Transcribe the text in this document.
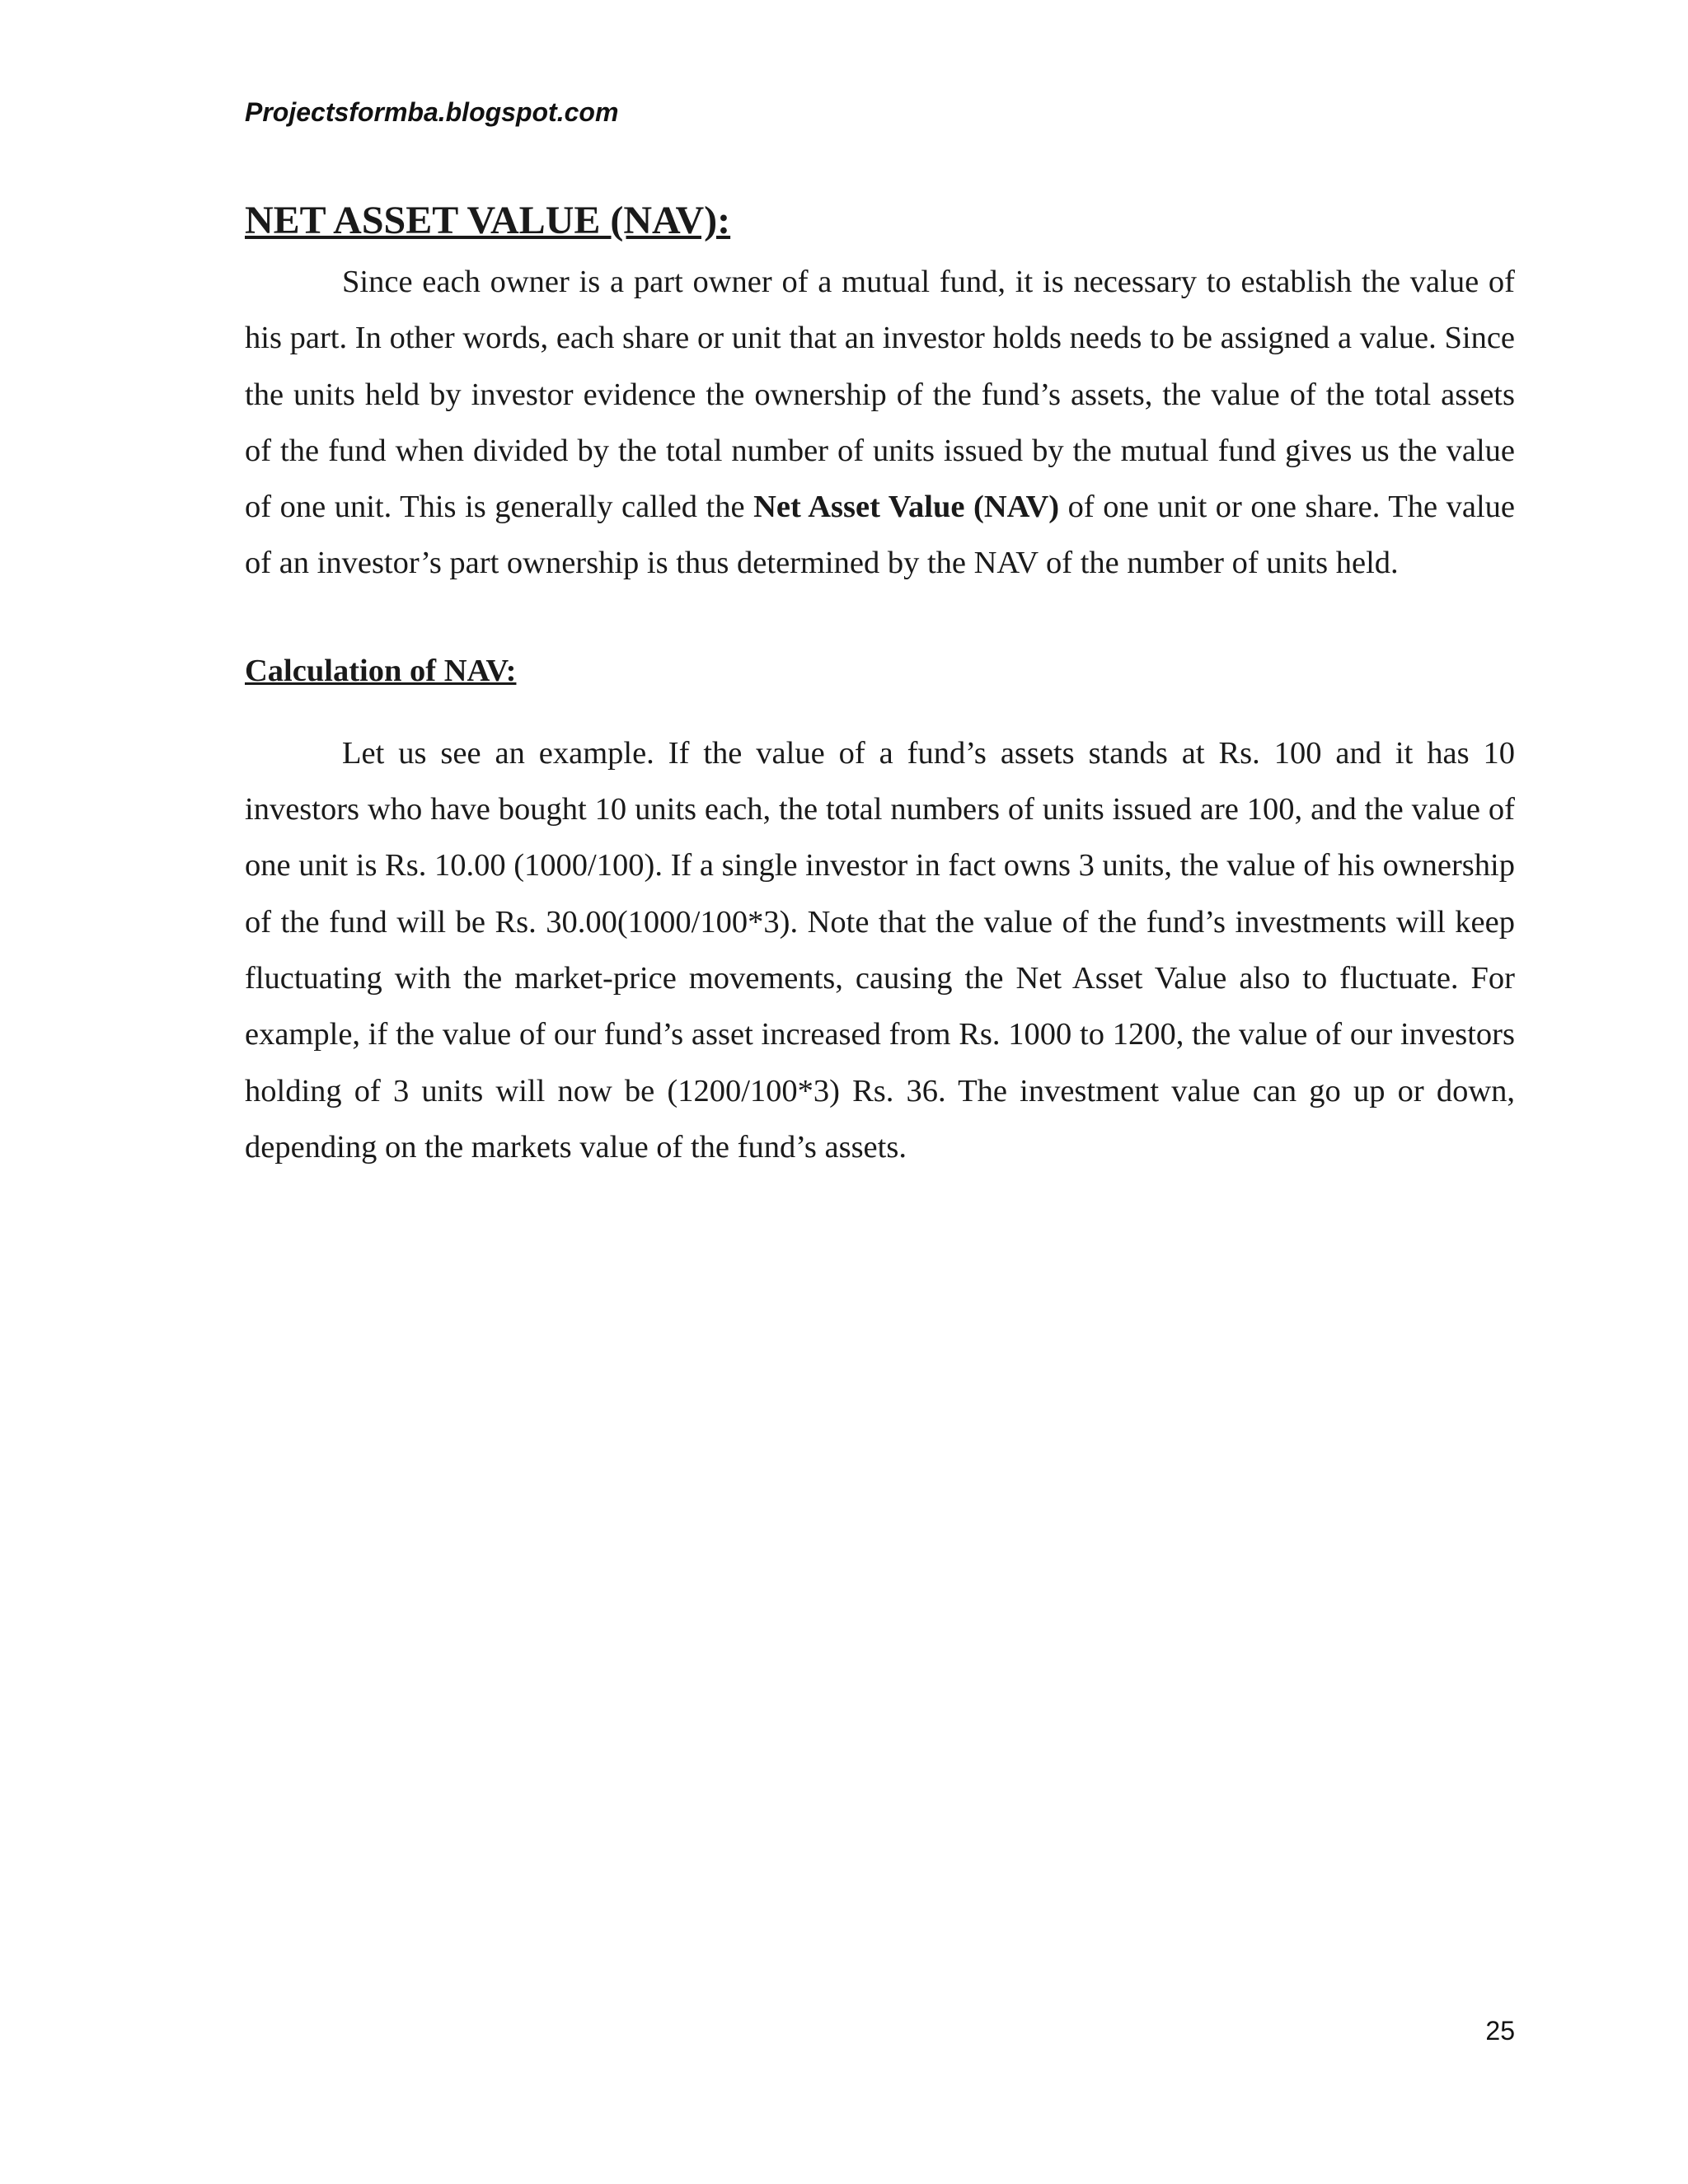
Projectsformba.blogspot.com
NET ASSET VALUE (NAV):

Since each owner is a part owner of a mutual fund, it is necessary to establish the value of his part. In other words, each share or unit that an investor holds needs to be assigned a value. Since the units held by investor evidence the ownership of the fund’s assets, the value of the total assets of the fund when divided by the total number of units issued by the mutual fund gives us the value of one unit. This is generally called the Net Asset Value (NAV) of one unit or one share. The value of an investor’s part ownership is thus determined by the NAV of the number of units held.

Calculation of NAV:

Let us see an example. If the value of a fund’s assets stands at Rs. 100 and it has 10 investors who have bought 10 units each, the total numbers of units issued are 100, and the value of one unit is Rs. 10.00 (1000/100). If a single investor in fact owns 3 units, the value of his ownership of the fund will be Rs. 30.00(1000/100*3). Note that the value of the fund’s investments will keep fluctuating with the market-price movements, causing the Net Asset Value also to fluctuate. For example, if the value of our fund’s asset increased from Rs. 1000 to 1200, the value of our investors holding of 3 units will now be (1200/100*3) Rs. 36. The investment value can go up or down, depending on the markets value of the fund’s assets.

25
